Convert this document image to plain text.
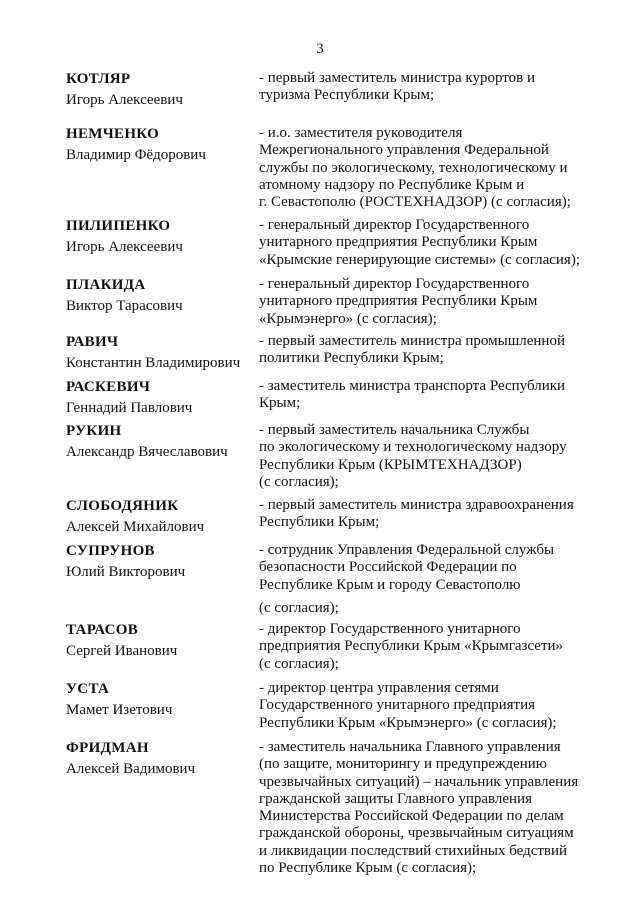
3
КОТЛЯР
Игорь Алексеевич
- первый заместитель министра курортов и
туризма Республики Крым;
НЕМЧЕНКО
Владимир Фёдорович
- и.о. заместителя руководителя
Межрегионального управления Федеральной
службы по экологическому, технологическому и
атомному надзору по Республике Крым и
г. Севастополю (РОСТЕХНАДЗОР) (с согласия);
ПИЛИПЕНКО
Игорь Алексеевич
- генеральный директор Государственного
унитарного предприятия Республики Крым
«Крымские генерирующие системы» (с согласия);
ПЛАКИДА
Виктор Тарасович
- генеральный директор Государственного
унитарного предприятия Республики Крым
«Крымэнерго» (с согласия);
РАВИЧ
Константин Владимирович
- первый заместитель министра промышленной
политики Республики Крым;
РАСКЕВИЧ
Геннадий Павлович
- заместитель министра транспорта Республики
Крым;
РУКИН
Александр Вячеславович
- первый заместитель начальника Службы
по экологическому и технологическому надзору
Республики Крым (КРЫМТЕХНАДЗОР)
(с согласия);
СЛОБОДЯНИК
Алексей Михайлович
- первый заместитель министра здравоохранения
Республики Крым;
СУПРУНОВ
Юлий Викторович
- сотрудник Управления Федеральной службы
безопасности Российской Федерации по
Республике Крым и городу Севастополю
(с согласия);
ТАРАСОВ
Сергей Иванович
- директор Государственного унитарного
предприятия Республики Крым «Крымгазсети»
(с согласия);
УСТА
Мамет Изетович
- директор центра управления сетями
Государственного унитарного предприятия
Республики Крым «Крымэнерго» (с согласия);
ФРИДМАН
Алексей Вадимович
- заместитель начальника Главного управления
(по защите, мониторингу и предупреждению
чрезвычайных ситуаций) – начальник управления
гражданской защиты Главного управления
Министерства Российской Федерации по делам
гражданской обороны, чрезвычайным ситуациям
и ликвидации последствий стихийных бедствий
по Республике Крым (с согласия);
